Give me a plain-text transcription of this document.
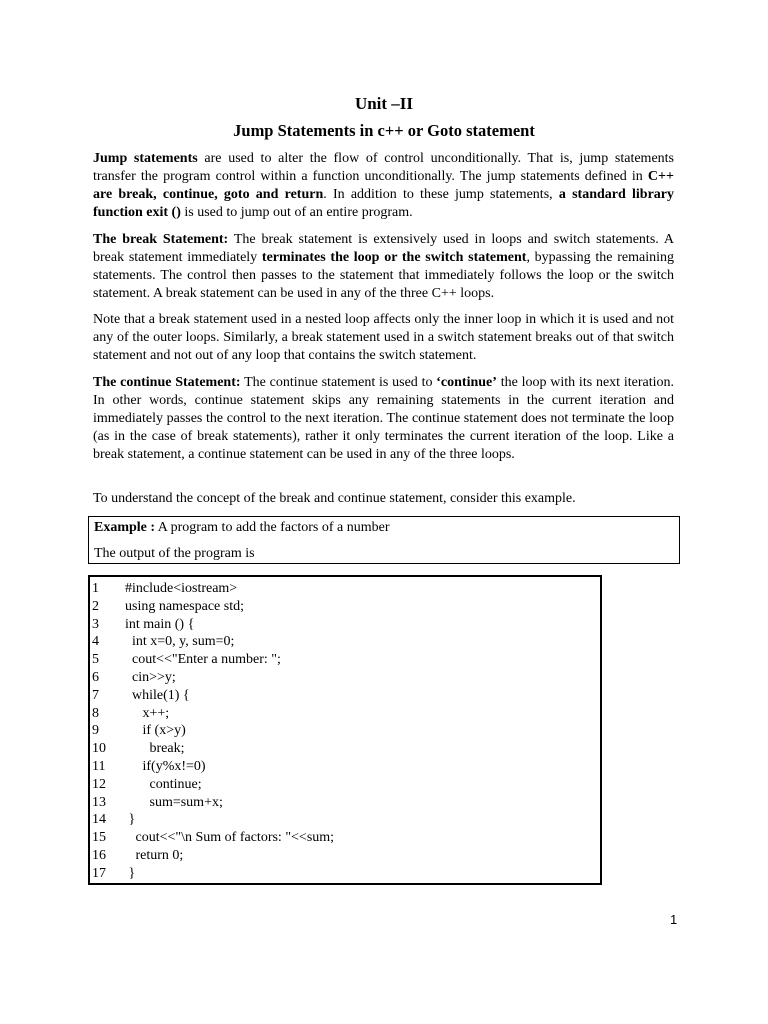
Unit –II
Jump Statements in c++ or Goto statement

Jump statements are used to alter the flow of control unconditionally. That is, jump statements transfer the program control within a function unconditionally. The jump statements defined in C++ are break, continue, goto and return. In addition to these jump statements, a standard library function exit () is used to jump out of an entire program.

The break Statement: The break statement is extensively used in loops and switch statements. A break statement immediately terminates the loop or the switch statement, bypassing the remaining statements. The control then passes to the statement that immediately follows the loop or the switch statement. A break statement can be used in any of the three C++ loops.

Note that a break statement used in a nested loop affects only the inner loop in which it is used and not any of the outer loops. Similarly, a break statement used in a switch statement breaks out of that switch statement and not out of any loop that contains the switch statement.

The continue Statement: The continue statement is used to ‘continue’ the loop with its next iteration. In other words, continue statement skips any remaining statements in the current iteration and immediately passes the control to the next iteration. The continue statement does not terminate the loop (as in the case of break statements), rather it only terminates the current iteration of the loop. Like a break statement, a continue statement can be used in any of the three loops.

To understand the concept of the break and continue statement, consider this example.

Example : A program to add the factors of a number
The output of the program is
1 #include<iostream>
2 using namespace std;
3 int main () {
4 int x=0, y, sum=0;
5 cout<<"Enter a number: ";
6 cin>>y;
7 while(1) {
8 x++;
9 if (x>y)
10 break;
11 if(y%x!=0)
12 continue;
13 sum=sum+x;
14 }
15 cout<<"\n Sum of factors: "<<sum;
16 return 0;
17 }
1
